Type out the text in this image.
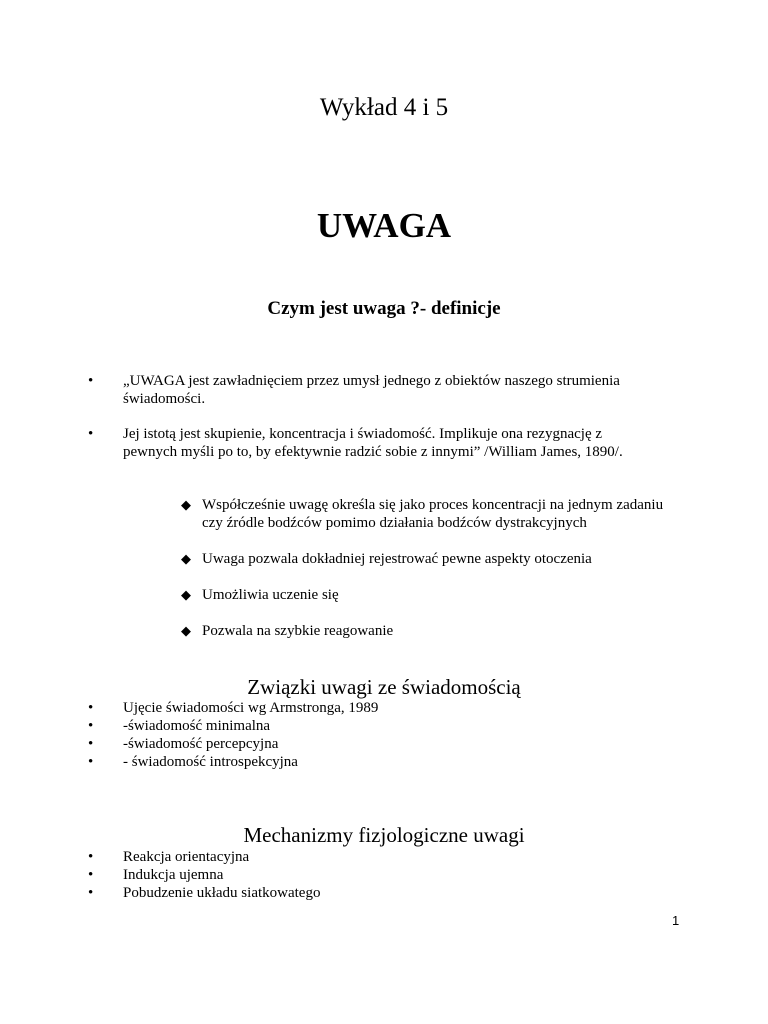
Wykład 4 i 5
UWAGA
Czym jest uwaga ?- definicje
•	„UWAGA jest zawładnięciem przez umysł jednego z obiektów naszego strumienia świadomości.
•	Jej istotą jest skupienie, koncentracja i świadomość. Implikuje ona rezygnację z pewnych myśli po to, by efektywnie radzić sobie z innymi” /William James, 1890/.
◆ Współcześnie uwagę określa się jako proces koncentracji na jednym zadaniu czy źródle bodźców pomimo działania bodźców dystrakcyjnych
◆ Uwaga pozwala dokładniej rejestrować pewne aspekty otoczenia
◆ Umożliwia uczenie się
◆ Pozwala na szybkie reagowanie
Związki uwagi ze świadomością
•	Ujęcie świadomości wg Armstronga, 1989
•	-świadomość minimalna
•	-świadomość percepcyjna
•	- świadomość introspekcyjna
Mechanizmy fizjologiczne uwagi
•	Reakcja orientacyjna
•	Indukcja ujemna
•	Pobudzenie układu siatkowatego
1
